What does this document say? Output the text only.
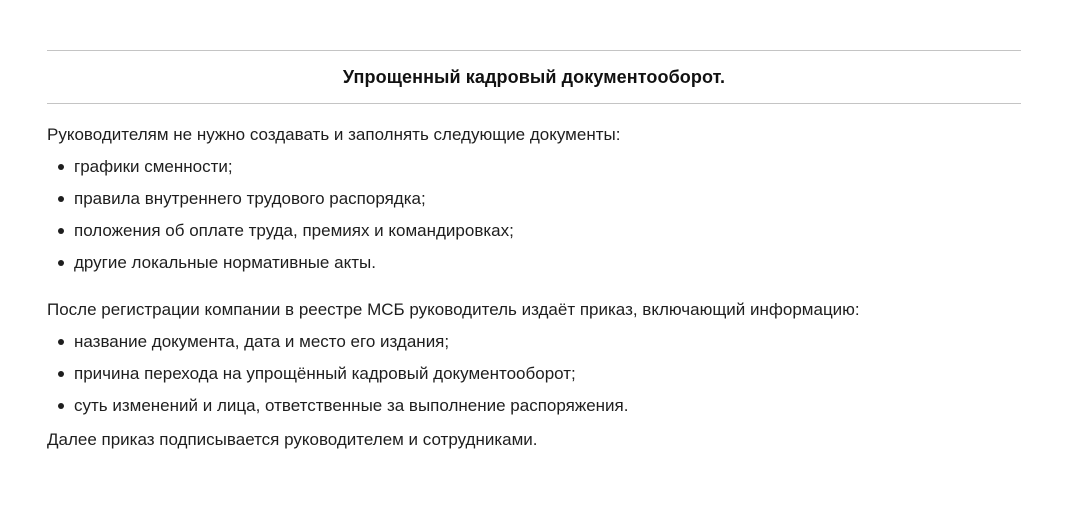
Упрощенный кадровый документооборот.

Руководителям не нужно создавать и заполнять следующие документы:

графики сменности;
правила внутреннего трудового распорядка;
положения об оплате труда, премиях и командировках;
другие локальные нормативные акты.

После регистрации компании в реестре МСБ руководитель издаёт приказ, включающий информацию:

название документа, дата и место его издания;
причина перехода на упрощённый кадровый документооборот;
суть изменений и лица, ответственные за выполнение распоряжения.

Далее приказ подписывается руководителем и сотрудниками.
